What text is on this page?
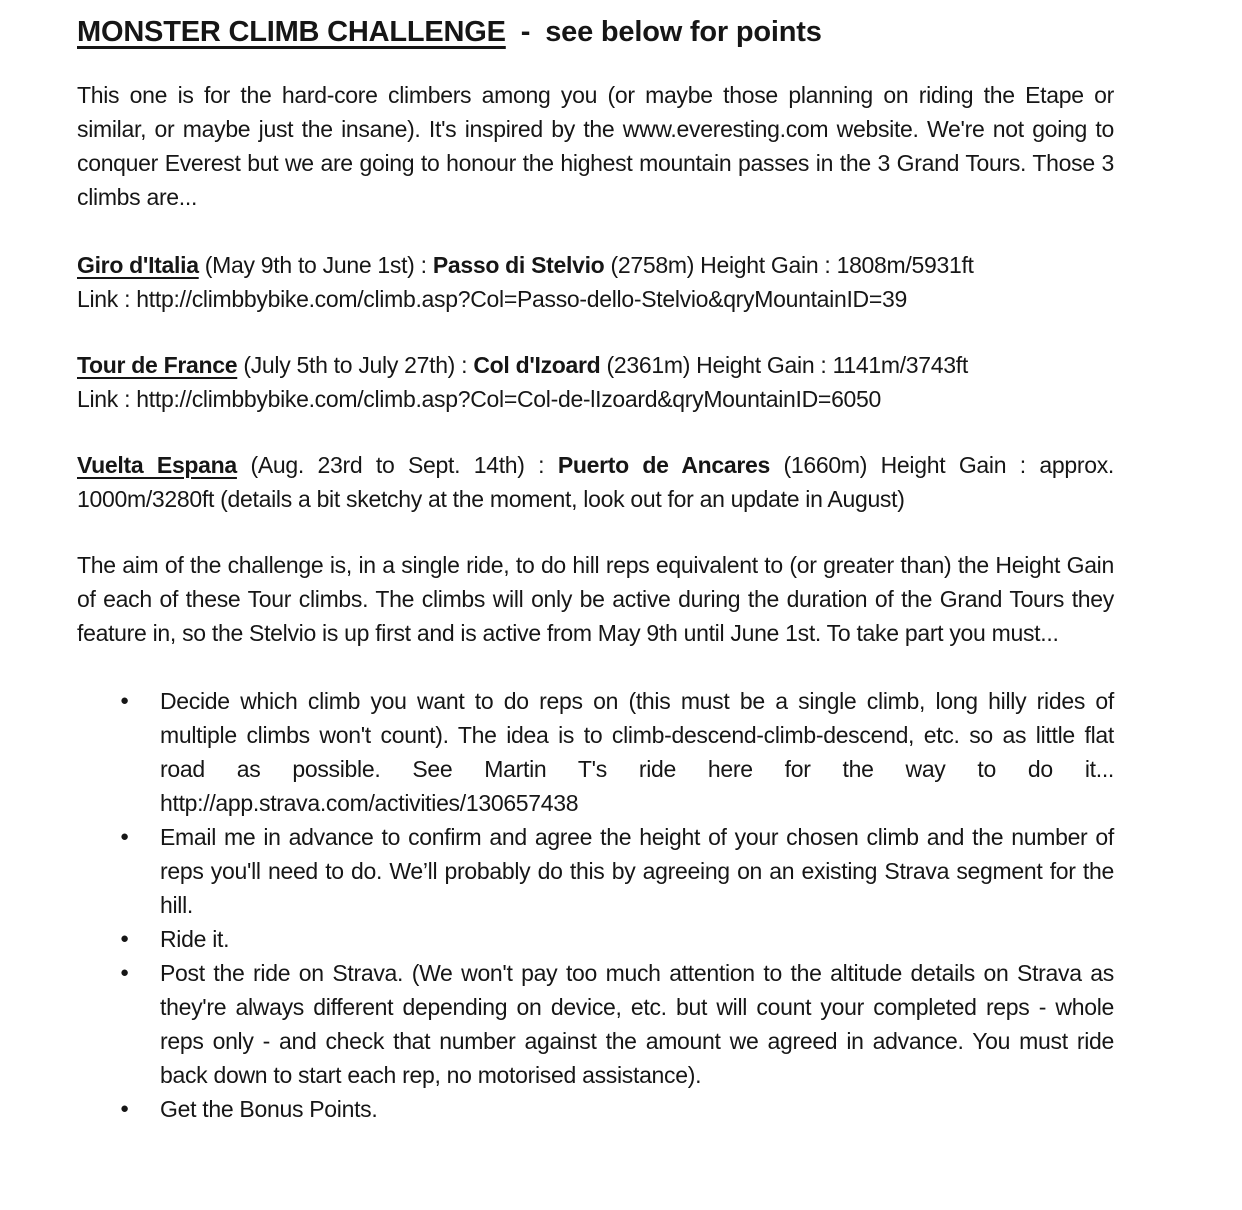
MONSTER CLIMB CHALLENGE - see below for points

This one is for the hard-core climbers among you (or maybe those planning on riding the Etape or similar, or maybe just the insane). It's inspired by the www.everesting.com website. We're not going to conquer Everest but we are going to honour the highest mountain passes in the 3 Grand Tours. Those 3 climbs are...

Giro d'Italia (May 9th to June 1st) : Passo di Stelvio (2758m) Height Gain : 1808m/5931ft

Link : http://climbbybike.com/climb.asp?Col=Passo-dello-Stelvio&qryMountainID=39

Tour de France (July 5th to July 27th) : Col d'Izoard (2361m) Height Gain : 1141m/3743ft

Link : http://climbbybike.com/climb.asp?Col=Col-de-lIzoard&qryMountainID=6050

Vuelta Espana (Aug. 23rd to Sept. 14th) : Puerto de Ancares (1660m) Height Gain : approx. 1000m/3280ft (details a bit sketchy at the moment, look out for an update in August)

The aim of the challenge is, in a single ride, to do hill reps equivalent to (or greater than) the Height Gain of each of these Tour climbs. The climbs will only be active during the duration of the Grand Tours they feature in, so the Stelvio is up first and is active from May 9th until June 1st. To take part you must...

●	Decide which climb you want to do reps on (this must be a single climb, long hilly rides of multiple climbs won't count). The idea is to climb-descend-climb-descend, etc. so as little flat road as possible. See Martin T's ride here for the way to do it... http://app.strava.com/activities/130657438
●	Email me in advance to confirm and agree the height of your chosen climb and the number of reps you'll need to do. We’ll probably do this by agreeing on an existing Strava segment for the hill.
●	Ride it.
●	Post the ride on Strava. (We won't pay too much attention to the altitude details on Strava as they're always different depending on device, etc. but will count your completed reps - whole reps only - and check that number against the amount we agreed in advance. You must ride back down to start each rep, no motorised assistance).
●	Get the Bonus Points.
